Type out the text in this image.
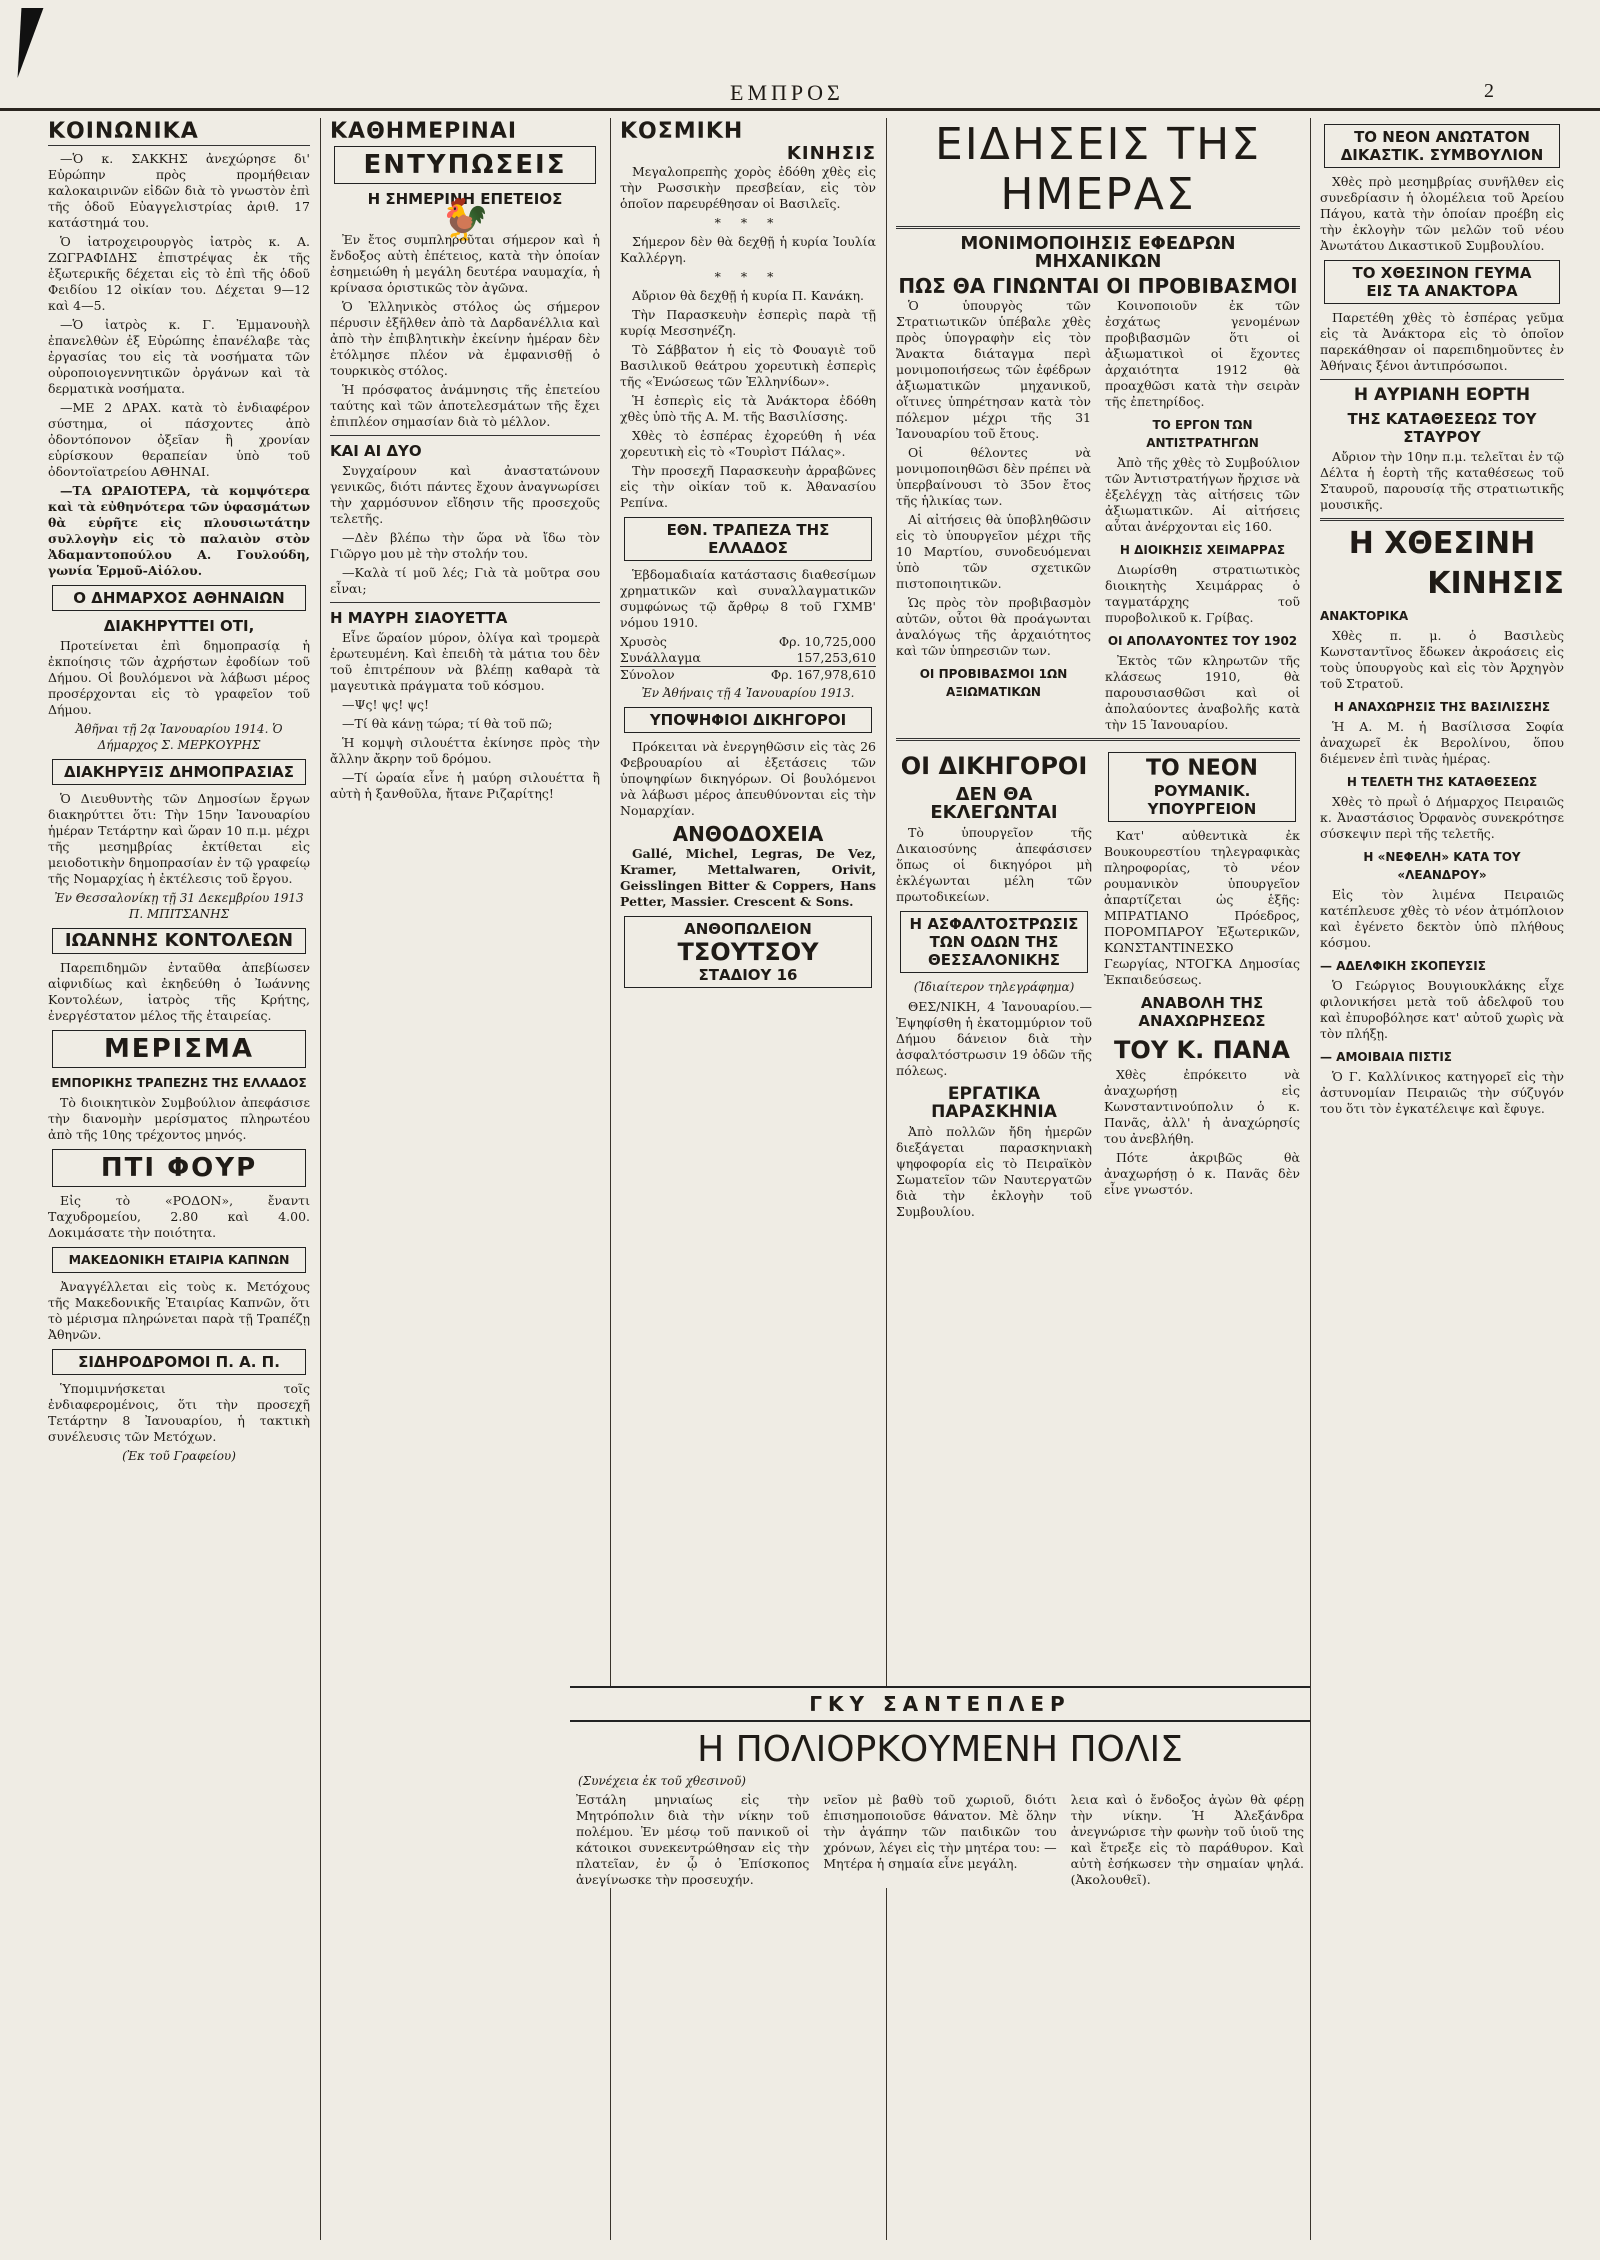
ΕΜΠΡΟΣ	2
ΚΟΙΝΩΝΙΚΑ

—Ὁ κ. ΣΑΚΚΗΣ ἀνεχώρησε δι' Εὐρώπην πρὸς προμήθειαν καλοκαιρινῶν εἰδῶν διὰ τὸ γνωστὸν ἐπὶ τῆς ὁδοῦ Εὐαγγελιστρίας ἀριθ. 17 κατάστημά του.

Ὁ ἰατροχειρουργὸς ἰατρὸς κ. Α. ΖΩΓΡΑΦΙΔΗΣ ἐπιστρέψας ἐκ τῆς ἐξωτερικῆς δέχεται εἰς τὸ ἐπὶ τῆς ὁδοῦ Φειδίου 12 οἰκίαν του. Δέχεται 9—12 καὶ 4—5.

—Ὁ ἰατρὸς κ. Γ. Ἐμμανουὴλ ἐπανελθὼν ἐξ Εὐρώπης ἐπανέλαβε τὰς ἐργασίας του εἰς τὰ νοσήματα τῶν οὐροποιογεννητικῶν ὀργάνων καὶ τὰ δερματικὰ νοσήματα.

—ΜΕ 2 ΔΡΑΧ. κατὰ τὸ ἐνδιαφέρον σύστημα, οἱ πάσχοντες ἀπὸ ὀδοντόπονον ὀξεῖαν ἢ χρονίαν εὑρίσκουν θεραπείαν ὑπὸ τοῦ ὀδοντοϊατρείου ΑΘΗΝΑΙ.

—ΤΑ ΩΡΑΙΟΤΕΡΑ, τὰ κομψότερα καὶ τὰ εὐθηνότερα τῶν ὑφασμάτων θὰ εὑρῆτε εἰς πλουσιωτάτην συλλογὴν εἰς τὸ παλαιὸν στὸν Ἀδαμαντοπούλου Α. Γουλούδη, γωνία Ἑρμοῦ-Αἰόλου.

Ο ΔΗΜΑΡΧΟΣ ΑΘΗΝΑΙΩΝ
ΔΙΑΚΗΡΥΤΤΕΙ ΟΤΙ,

Προτείνεται ἐπὶ δημοπρασίᾳ ἡ ἐκποίησις τῶν ἀχρήστων ἐφοδίων τοῦ Δήμου. Οἱ βουλόμενοι νὰ λάβωσι μέρος προσέρχονται εἰς τὸ γραφεῖον τοῦ Δήμου.

Ἀθῆναι τῇ 2ᾳ Ἰανουαρίου 1914. Ὁ Δήμαρχος Σ. ΜΕΡΚΟΥΡΗΣ
ΔΙΑΚΗΡΥΞΙΣ ΔΗΜΟΠΡΑΣΙΑΣ

Ὁ Διευθυντὴς τῶν Δημοσίων ἔργων διακηρύττει ὅτι: Τὴν 15ην Ἰανουαρίου ἡμέραν Τετάρτην καὶ ὥραν 10 π.μ. μέχρι τῆς μεσημβρίας ἐκτίθεται εἰς μειοδοτικὴν δημοπρασίαν ἐν τῷ γραφείῳ τῆς Νομαρχίας ἡ ἐκτέλεσις τοῦ ἔργου.

Ἐν Θεσσαλονίκῃ τῇ 31 Δεκεμβρίου 1913 Π. ΜΠΙΤΣΑΝΗΣ
ΙΩΑΝΝΗΣ ΚΟΝΤΟΛΕΩΝ

Παρεπιδημῶν ἐνταῦθα ἀπεβίωσεν αἰφνιδίως καὶ ἐκηδεύθη ὁ Ἰωάννης Κοντολέων, ἰατρὸς τῆς Κρήτης, ἐνεργέστατον μέλος τῆς ἑταιρείας.

ΜΕΡΙΣΜΑ
ΕΜΠΟΡΙΚΗΣ ΤΡΑΠΕΖΗΣ ΤΗΣ ΕΛΛΑΔΟΣ

Τὸ διοικητικὸν Συμβούλιον ἀπεφάσισε τὴν διανομὴν μερίσματος πληρωτέου ἀπὸ τῆς 10ης τρέχοντος μηνός.

ΠΤΙ ΦΟΥΡ

Εἰς τὸ «ΡΟΔΟΝ», ἔναντι Ταχυδρομείου, 2.80 καὶ 4.00. Δοκιμάσατε τὴν ποιότητα.

ΜΑΚΕΔΟΝΙΚΗ ΕΤΑΙΡΙΑ ΚΑΠΝΩΝ

Ἀναγγέλλεται εἰς τοὺς κ. Μετόχους τῆς Μακεδονικῆς Ἑταιρίας Καπνῶν, ὅτι τὸ μέρισμα πληρώνεται παρὰ τῇ Τραπέζῃ Ἀθηνῶν.

ΣΙΔΗΡΟΔΡΟΜΟΙ Π. Α. Π.

Ὑπομιμνήσκεται τοῖς ἐνδιαφερομένοις, ὅτι τὴν προσεχῆ Τετάρτην 8 Ἰανουαρίου, ἡ τακτικὴ συνέλευσις τῶν Μετόχων.

(Ἐκ τοῦ Γραφείου)
ΚΑΘΗΜΕΡΙΝΑΙ
ΕΝΤΥΠΩΣΕΙΣ
Η ΣΗΜΕΡΙΝΗ ΕΠΕΤΕΙΟΣ
🐓

Ἐν ἔτος συμπληροῦται σήμερον καὶ ἡ ἔνδοξος αὐτὴ ἐπέτειος, κατὰ τὴν ὁποίαν ἐσημειώθη ἡ μεγάλη δευτέρα ναυμαχία, ἡ κρίνασα ὁριστικῶς τὸν ἀγῶνα.

Ὁ Ἑλληνικὸς στόλος ὡς σήμερον πέρυσιν ἐξῆλθεν ἀπὸ τὰ Δαρδανέλλια καὶ ἀπὸ τὴν ἐπιβλητικὴν ἐκείνην ἡμέραν δὲν ἐτόλμησε πλέον νὰ ἐμφανισθῇ ὁ τουρκικὸς στόλος.

Ἡ πρόσφατος ἀνάμνησις τῆς ἐπετείου ταύτης καὶ τῶν ἀποτελεσμάτων τῆς ἔχει ἐπιπλέον σημασίαν διὰ τὸ μέλλον.

ΚΑΙ ΑΙ ΔΥΟ

Συγχαίρουν καὶ ἀναστατώνουν γενικῶς, διότι πάντες ἔχουν ἀναγνωρίσει τὴν χαρμόσυνον εἴδησιν τῆς προσεχοῦς τελετῆς.

—Δὲν βλέπω τὴν ὥρα νὰ ἴδω τὸν Γιῶργο μου μὲ τὴν στολήν του.

—Καλὰ τί μοῦ λές; Γιὰ τὰ μοῦτρα σου εἶναι;

Η ΜΑΥΡΗ ΣΙΑΟΥΕΤΤΑ

Εἶνε ὥραίον μύρον, ὀλίγα καὶ τρομερὰ ἐρωτευμένη. Καὶ ἐπειδὴ τὰ μάτια του δὲν τοῦ ἐπιτρέπουν νὰ βλέπῃ καθαρὰ τὰ μαγευτικὰ πράγματα τοῦ κόσμου.

—Ψς! ψς! ψς!

—Τί θὰ κάνῃ τώρα; τί θὰ τοῦ πῶ;

Ἡ κομψὴ σιλουέττα ἐκίνησε πρὸς τὴν ἄλλην ἄκρην τοῦ δρόμου.

—Τί ὡραία εἶνε ἡ μαύρη σιλουέττα ἢ αὐτὴ ἡ ξανθοῦλα, ἤτανε Ριζαρίτης!

ΚΟΣΜΙΚΗ
ΚΙΝΗΣΙΣ

Μεγαλοπρεπὴς χορὸς ἐδόθη χθὲς εἰς τὴν Ρωσσικὴν πρεσβείαν, εἰς τὸν ὁποῖον παρευρέθησαν οἱ Βασιλεῖς.

* * *

Σήμερον δὲν θὰ δεχθῇ ἡ κυρία Ἰουλία Καλλέργη.

* * *

Αὔριον θὰ δεχθῇ ἡ κυρία Π. Κανάκη.

Τὴν Παρασκευὴν ἑσπερὶς παρὰ τῇ κυρίᾳ Μεσσηνέζη.

Τὸ Σάββατον ἡ εἰς τὸ Φουαγιὲ τοῦ Βασιλικοῦ θεάτρου χορευτικὴ ἑσπερὶς τῆς «Ἑνώσεως τῶν Ἑλληνίδων».

Ἡ ἐσπερὶς εἰς τὰ Ἀνάκτορα ἐδόθη χθὲς ὑπὸ τῆς Α. Μ. τῆς Βασιλίσσης.

Χθὲς τὸ ἑσπέρας ἐχορεύθη ἡ νέα χορευτικὴ εἰς τὸ «Τουρὶστ Πάλας».

Τὴν προσεχῆ Παρασκευὴν ἀρραβῶνες εἰς τὴν οἰκίαν τοῦ κ. Ἀθανασίου Ρεπίνα.

ΕΘΝ. ΤΡΑΠΕΖΑ ΤΗΣ ΕΛΛΑΔΟΣ

Ἑβδομαδιαία κατάστασις διαθεσίμων χρηματικῶν καὶ συναλλαγματικῶν συμφώνως τῷ ἄρθρῳ 8 τοῦ ΓΧΜΒ' νόμου 1910.

Χρυσὸς	Φρ. 10,725,000
Συνάλλαγμα	157,253,610
Σύνολον	Φρ. 167,978,610
Ἐν Ἀθήναις τῇ 4 Ἰανουαρίου 1913.
ΥΠΟΨΗΦΙΟΙ ΔΙΚΗΓΟΡΟΙ

Πρόκειται νὰ ἐνεργηθῶσιν εἰς τὰς 26 Φεβρουαρίου αἱ ἐξετάσεις τῶν ὑποψηφίων δικηγόρων. Οἱ βουλόμενοι νὰ λάβωσι μέρος ἀπευθύνονται εἰς τὴν Νομαρχίαν.

ΑΝΘΟΔΟΧΕΙΑ

Gallé, Michel, Legras, De Vez, Kramer, Mettalwaren, Orivit, Geisslingen Bitter & Coppers, Hans Petter, Massier. Crescent & Sons.

ΑΝΘΟΠΩΛΕΙΟΝ
ΤΣΟΥΤΣΟΥ
ΣΤΑΔΙΟΥ 16
ΕΙΔΗΣΕΙΣ ΤΗΣ ΗΜΕΡΑΣ
ΜΟΝΙΜΟΠΟΙΗΣΙΣ ΕΦΕΔΡΩΝ ΜΗΧΑΝΙΚΩΝ
ΠΩΣ ΘΑ ΓΙΝΩΝΤΑΙ ΟΙ ΠΡΟΒΙΒΑΣΜΟΙ

Ὁ ὑπουργὸς τῶν Στρατιωτικῶν ὑπέβαλε χθὲς πρὸς ὑπογραφὴν εἰς τὸν Ἄνακτα διάταγμα περὶ μονιμοποιήσεως τῶν ἐφέδρων ἀξιωματικῶν μηχανικοῦ, οἵτινες ὑπηρέτησαν κατὰ τὸν πόλεμον μέχρι τῆς 31 Ἰανουαρίου τοῦ ἔτους.

Οἱ θέλοντες νὰ μονιμοποιηθῶσι δὲν πρέπει νὰ ὑπερβαίνουσι τὸ 35ον ἔτος τῆς ἡλικίας των.

Αἱ αἰτήσεις θὰ ὑποβληθῶσιν εἰς τὸ ὑπουργεῖον μέχρι τῆς 10 Μαρτίου, συνοδευόμεναι ὑπὸ τῶν σχετικῶν πιστοποιητικῶν.

Ὡς πρὸς τὸν προβιβασμὸν αὐτῶν, οὗτοι θὰ προάγωνται ἀναλόγως τῆς ἀρχαιότητος καὶ τῶν ὑπηρεσιῶν των.

ΟΙ ΠΡΟΒΙΒΑΣΜΟΙ 1ΩΝ ΑΞΙΩΜΑΤΙΚΩΝ

Κοινοποιοῦν ἐκ τῶν ἐσχάτως γενομένων προβιβασμῶν ὅτι οἱ ἀξιωματικοὶ οἱ ἔχοντες ἀρχαιότητα 1912 θὰ προαχθῶσι κατὰ τὴν σειρὰν τῆς ἐπετηρίδος.

ΤΟ ΕΡΓΟΝ ΤΩΝ ΑΝΤΙΣΤΡΑΤΗΓΩΝ

Ἀπὸ τῆς χθὲς τὸ Συμβούλιον τῶν Ἀντιστρατήγων ἤρχισε νὰ ἐξελέγχῃ τὰς αἰτήσεις τῶν ἀξιωματικῶν. Αἱ αἰτήσεις αὗται ἀνέρχονται εἰς 160.

Η ΔΙΟΙΚΗΣΙΣ ΧΕΙΜΑΡΡΑΣ

Διωρίσθη στρατιωτικὸς διοικητὴς Χειμάρρας ὁ ταγματάρχης τοῦ πυροβολικοῦ κ. Γρίβας.

ΟΙ ΑΠΟΛΑΥΟΝΤΕΣ ΤΟΥ 1902

Ἐκτὸς τῶν κληρωτῶν τῆς κλάσεως 1910, θὰ παρουσιασθῶσι καὶ οἱ ἀπολαύοντες ἀναβολῆς κατὰ τὴν 15 Ἰανουαρίου.

ΟΙ ΔΙΚΗΓΟΡΟΙ
ΔΕΝ ΘΑ ΕΚΛΕΓΩΝΤΑΙ

Τὸ ὑπουργεῖον τῆς Δικαιοσύνης ἀπεφάσισεν ὅπως οἱ δικηγόροι μὴ ἐκλέγωνται μέλη τῶν πρωτοδικείων.

Η ΑΣΦΑΛΤΟΣΤΡΩΣΙΣ
ΤΩΝ ΟΔΩΝ ΤΗΣ ΘΕΣΣΑΛΟΝΙΚΗΣ
(Ἰδιαίτερον τηλεγράφημα)

ΘΕΣ/ΝΙΚΗ, 4 Ἰανουαρίου.—Ἐψηφίσθη ἡ ἐκατομμύριον τοῦ Δήμου δάνειον διὰ τὴν ἀσφαλτόστρωσιν 19 ὁδῶν τῆς πόλεως.

ΕΡΓΑΤΙΚΑ ΠΑΡΑΣΚΗΝΙΑ

Ἀπὸ πολλῶν ἤδη ἡμερῶν διεξάγεται παρασκηνιακὴ ψηφοφορία εἰς τὸ Πειραϊκὸν Σωματεῖον τῶν Ναυτεργατῶν διὰ τὴν ἐκλογὴν τοῦ Συμβουλίου.

ΤΟ ΝΕΟΝ
ΡΟΥΜΑΝΙΚ. ΥΠΟΥΡΓΕΙΟΝ

Κατ' αὐθεντικὰ ἐκ Βουκουρεστίου τηλεγραφικὰς πληροφορίας, τὸ νέον ρουμανικὸν ὑπουργεῖον ἀπαρτίζεται ὡς ἑξῆς: ΜΠΡΑΤΙΑΝΟ Πρόεδρος, ΠΟΡΟΜΠΑΡΟΥ Ἐξωτερικῶν, ΚΩΝΣΤΑΝΤΙΝΕΣΚΟ Γεωργίας, ΝΤΟΓΚΑ Δημοσίας Ἐκπαιδεύσεως.

ΑΝΑΒΟΛΗ ΤΗΣ ΑΝΑΧΩΡΗΣΕΩΣ
ΤΟΥ Κ. ΠΑΝΑ

Χθὲς ἐπρόκειτο νὰ ἀναχωρήσῃ εἰς Κωνσταντινούπολιν ὁ κ. Πανᾶς, ἀλλ' ἡ ἀναχώρησίς του ἀνεβλήθη.

Πότε ἀκριβῶς θὰ ἀναχωρήσῃ ὁ κ. Πανᾶς δὲν εἶνε γνωστόν.

ΤΟ ΝΕΟΝ ΑΝΩΤΑΤΟΝ
ΔΙΚΑΣΤΙΚ. ΣΥΜΒΟΥΛΙΟΝ

Χθὲς πρὸ μεσημβρίας συνῆλθεν εἰς συνεδρίασιν ἡ ὁλομέλεια τοῦ Ἀρείου Πάγου, κατὰ τὴν ὁποίαν προέβη εἰς τὴν ἐκλογὴν τῶν μελῶν τοῦ νέου Ἀνωτάτου Δικαστικοῦ Συμβουλίου.

ΤΟ ΧΘΕΣΙΝΟΝ ΓΕΥΜΑ
ΕΙΣ ΤΑ ΑΝΑΚΤΟΡΑ

Παρετέθη χθὲς τὸ ἑσπέρας γεῦμα εἰς τὰ Ἀνάκτορα εἰς τὸ ὁποῖον παρεκάθησαν οἱ παρεπιδημοῦντες ἐν Ἀθήναις ξένοι ἀντιπρόσωποι.

Η ΑΥΡΙΑΝΗ ΕΟΡΤΗ
ΤΗΣ ΚΑΤΑΘΕΣΕΩΣ ΤΟΥ ΣΤΑΥΡΟΥ

Αὔριον τὴν 10ην π.μ. τελεῖται ἐν τῷ Δέλτα ἡ ἑορτὴ τῆς καταθέσεως τοῦ Σταυροῦ, παρουσίᾳ τῆς στρατιωτικῆς μουσικῆς.

Η ΧΘΕΣΙΝΗ
ΚΙΝΗΣΙΣ
ΑΝΑΚΤΟΡΙΚΑ

Χθὲς π. μ. ὁ Βασιλεὺς Κωνσταντῖνος ἔδωκεν ἀκροάσεις εἰς τοὺς ὑπουργοὺς καὶ εἰς τὸν Ἀρχηγὸν τοῦ Στρατοῦ.

Η ΑΝΑΧΩΡΗΣΙΣ ΤΗΣ ΒΑΣΙΛΙΣΣΗΣ

Ἡ Α. Μ. ἡ Βασίλισσα Σοφία ἀναχωρεῖ ἐκ Βερολίνου, ὅπου διέμενεν ἐπὶ τινὰς ἡμέρας.

Η ΤΕΛΕΤΗ ΤΗΣ ΚΑΤΑΘΕΣΕΩΣ

Χθὲς τὸ πρωῒ ὁ Δήμαρχος Πειραιῶς κ. Ἀναστάσιος Ὀρφανὸς συνεκρότησε σύσκεψιν περὶ τῆς τελετῆς.

Η «ΝΕΦΕΛΗ» ΚΑΤΑ ΤΟΥ «ΛΕΑΝΔΡΟΥ»

Εἰς τὸν λιμένα Πειραιῶς κατέπλευσε χθὲς τὸ νέον ἀτμόπλοιον καὶ ἐγένετο δεκτὸν ὑπὸ πλήθους κόσμου.

— ΑΔΕΛΦΙΚΗ ΣΚΟΠΕΥΣΙΣ

Ὁ Γεώργιος Βουγιουκλάκης εἶχε φιλονικήσει μετὰ τοῦ ἀδελφοῦ του καὶ ἐπυροβόλησε κατ' αὐτοῦ χωρὶς νὰ τὸν πλήξῃ.

— ΑΜΟΙΒΑΙΑ ΠΙΣΤΙΣ

Ὁ Γ. Καλλίνικος κατηγορεῖ εἰς τὴν ἀστυνομίαν Πειραιῶς τὴν σύζυγόν του ὅτι τὸν ἐγκατέλειψε καὶ ἔφυγε.

ΓΚΥ ΣΑΝΤΕΠΛΕΡ
Η ΠΟΛΙΟΡΚΟΥΜΕΝΗ ΠΟΛΙΣ
(Συνέχεια ἐκ τοῦ χθεσινοῦ)
Ἐστάλη μηνιαίως εἰς τὴν Μητρόπολιν διὰ τὴν νίκην τοῦ πολέμου. Ἐν μέσῳ τοῦ πανικοῦ οἱ κάτοικοι συνεκεντρώθησαν εἰς τὴν πλατεῖαν, ἐν ᾧ ὁ Ἐπίσκοπος ἀνεγίνωσκε τὴν προσευχήν.
νεῖον μὲ βαθὺ τοῦ χωριοῦ, διότι ἐπισημοποιοῦσε θάνατον. Μὲ ὅλην τὴν ἀγάπην τῶν παιδικῶν του χρόνων, λέγει εἰς τὴν μητέρα του: — Μητέρα ἡ σημαία εἶνε μεγάλη.
λεια καὶ ὁ ἔνδοξος ἀγὼν θὰ φέρῃ τὴν νίκην. Ἡ Ἀλεξάνδρα ἀνεγνώρισε τὴν φωνὴν τοῦ ὑιοῦ της καὶ ἔτρεξε εἰς τὸ παράθυρον. Καὶ αὐτὴ ἐσήκωσεν τὴν σημαίαν ψηλά. (Ἀκολουθεῖ).
